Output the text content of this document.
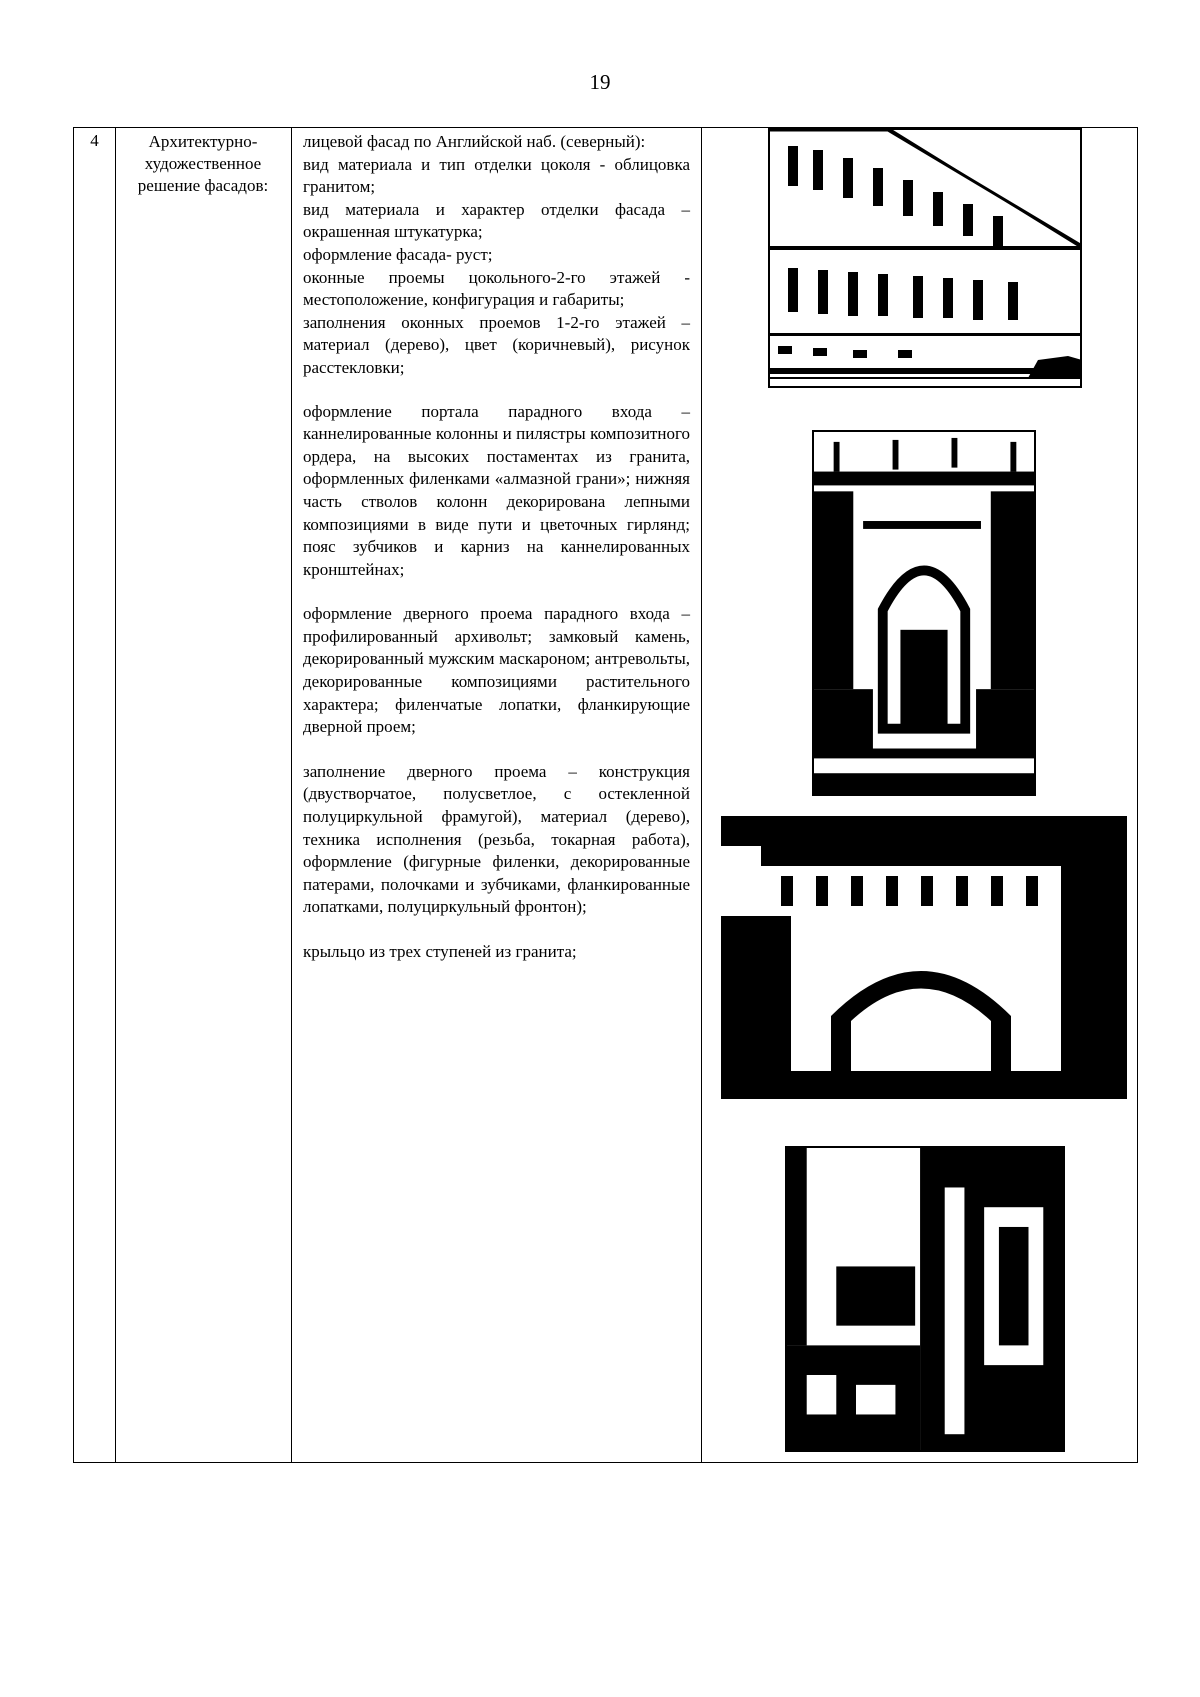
19
4	Архитектурно-художественное решение фасадов:

лицевой фасад по Английской наб. (северный):
вид материала и тип отделки цоколя - облицовка гранитом;
вид материала и характер отделки фасада – окрашенная штукатурка;
оформление фасада- руст;
оконные проемы цокольного-2-го этажей - местоположение, конфигурация и габариты;
заполнения оконных проемов 1-2-го этажей – материал (дерево), цвет (коричневый), рисунок расстекловки;

оформление портала парадного входа – каннелированные колонны и пилястры композитного ордера, на высоких постаментах из гранита, оформленных филенками «алмазной грани»; нижняя часть стволов колонн декорирована лепными композициями в виде пути и цветочных гирлянд; пояс зубчиков и карниз на каннелированных кронштейнах;

оформление дверного проема парадного входа – профилированный архивольт; замковый камень, декорированный мужским маскароном; антревольты, декорированные композициями растительного характера; филенчатые лопатки, фланкирующие дверной проем;

заполнение дверного проема – конструкция (двустворчатое, полусветлое, с остекленной полуциркульной фрамугой), материал (дерево), техника исполнения (резьба, токарная работа), оформление (фигурные филенки, декорированные патерами, полочками и зубчиками, фланкированные лопатками, полуциркульный фронтон);

крыльцо из трех ступеней из гранита;
